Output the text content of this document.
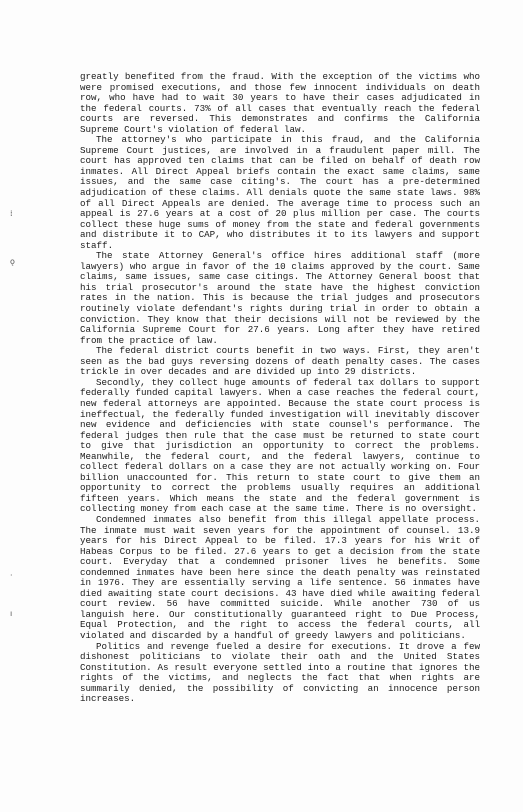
⁞
ǫ
·
ı

greatly benefited from the fraud. With the exception of the victims who were promised executions, and those few innocent individuals on death row, who have had to wait 30 years to have their cases adjudicated in the federal courts. 73% of all cases that eventually reach the federal courts are reversed. This demonstrates and confirms the California Supreme Court's violation of federal law.

The attorney's who participate in this fraud, and the California Supreme Court justices, are involved in a fraudulent paper mill. The court has approved ten claims that can be filed on behalf of death row inmates. All Direct Appeal briefs contain the exact same claims, same issues, and the same case citing's. The court has a pre-determined adjudication of these claims. All denials quote the same state laws. 98% of all Direct Appeals are denied. The average time to process such an appeal is 27.6 years at a cost of 20 plus million per case. The courts collect these huge sums of money from the state and federal governments and distribute it to CAP, who distributes it to its lawyers and support staff.

The state Attorney General's office hires additional staff (more lawyers) who argue in favor of the 10 claims approved by the court. Same claims, same issues, same case citings. The Attorney General boost that his trial prosecutor's around the state have the highest conviction rates in the nation. This is because the trial judges and prosecutors routinely violate defendant's rights during trial in order to obtain a conviction. They know that their decisions will not be reviewed by the California Supreme Court for 27.6 years. Long after they have retired from the practice of law.

The federal district courts benefit in two ways. First, they aren't seen as the bad guys reversing dozens of death penalty cases. The cases trickle in over decades and are divided up into 29 districts.

Secondly, they collect huge amounts of federal tax dollars to support federally funded capital lawyers. When a case reaches the federal court, new federal attorneys are appointed. Because the state court process is ineffectual, the federally funded investigation will inevitably discover new evidence and deficiencies with state counsel's performance. The federal judges then rule that the case must be returned to state court to give that jurisdiction an opportunity to correct the problems. Meanwhile, the federal court, and the federal lawyers, continue to collect federal dollars on a case they are not actually working on. Four billion unaccounted for. This return to state court to give them an opportunity to correct the problems usually requires an additional fifteen years. Which means the state and the federal government is collecting money from each case at the same time. There is no oversight.

Condemned inmates also benefit from this illegal appellate process. The inmate must wait seven years for the appointment of counsel. 13.9 years for his Direct Appeal to be filed. 17.3 years for his Writ of Habeas Corpus to be filed. 27.6 years to get a decision from the state court. Everyday that a condemned prisoner lives he benefits. Some condemned inmates have been here since the death penalty was reinstated in 1976. They are essentially serving a life sentence. 56 inmates have died awaiting state court decisions. 43 have died while awaiting federal court review. 56 have committed suicide. While another 730 of us languish here. Our constitutionally guaranteed right to Due Process, Equal Protection, and the right to access the federal courts, all violated and discarded by a handful of greedy lawyers and politicians.

Politics and revenge fueled a desire for executions. It drove a few dishonest politicians to violate their oath and the United States Constitution. As result everyone settled into a routine that ignores the rights of the victims, and neglects the fact that when rights are summarily denied, the possibility of convicting an innocence person increases.
